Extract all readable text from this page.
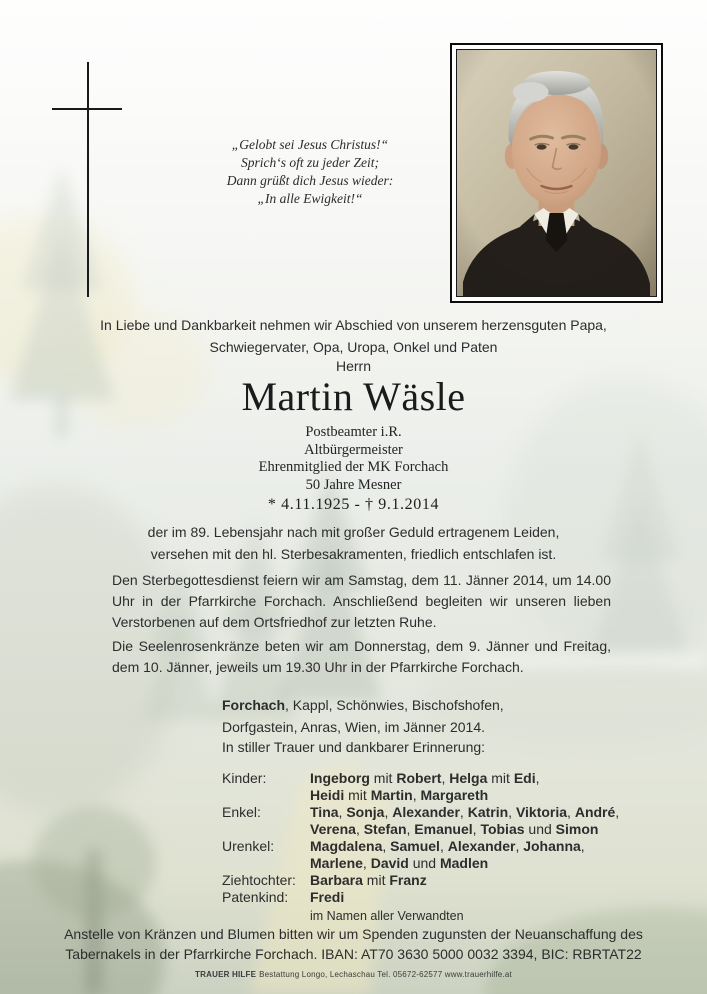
„Gelobt sei Jesus Christus!“
Sprich‘s oft zu jeder Zeit;
Dann grüßt dich Jesus wieder:
„In alle Ewigkeit!“
In Liebe und Dankbarkeit nehmen wir Abschied von unserem herzensguten Papa,
Schwiegervater, Opa, Uropa, Onkel und Paten
Herrn
Martin Wäsle
Postbeamter i.R.
Altbürgermeister
Ehrenmitglied der MK Forchach
50 Jahre Mesner
* 4.11.1925 - † 9.1.2014
der im 89. Lebensjahr nach mit großer Geduld ertragenem Leiden,
versehen mit den hl. Sterbesakramenten, friedlich entschlafen ist.

Den Sterbegottesdienst feiern wir am Samstag, dem 11. Jänner 2014, um 14.00 Uhr in der Pfarrkirche Forchach. Anschließend begleiten wir unseren lieben Verstorbenen auf dem Ortsfriedhof zur letzten Ruhe.

Die Seelenrosenkränze beten wir am Donnerstag, dem 9. Jänner und Freitag, dem 10. Jänner, jeweils um 19.30 Uhr in der Pfarrkirche Forchach.

Forchach, Kappl, Schönwies, Bischofshofen,
Dorfgastein, Anras, Wien, im Jänner 2014.
In stiller Trauer und dankbarer Erinnerung:
Kinder:	Ingeborg mit Robert, Helga mit Edi,
Heidi mit Martin, Margareth
Enkel:	Tina, Sonja, Alexander, Katrin, Viktoria, André,
Verena, Stefan, Emanuel, Tobias und Simon
Urenkel:	Magdalena, Samuel, Alexander, Johanna,
Marlene, David und Madlen
Ziehtochter:	Barbara mit Franz
Patenkind:	Fredi
im Namen aller Verwandten
Anstelle von Kränzen und Blumen bitten wir um Spenden zugunsten der Neuanschaffung des
Tabernakels in der Pfarrkirche Forchach. IBAN: AT70 3630 5000 0032 3394, BIC: RBRTAT22
TRAUER HILFE Bestattung Longo, Lechaschau Tel. 05672-62577 www.trauerhilfe.at
